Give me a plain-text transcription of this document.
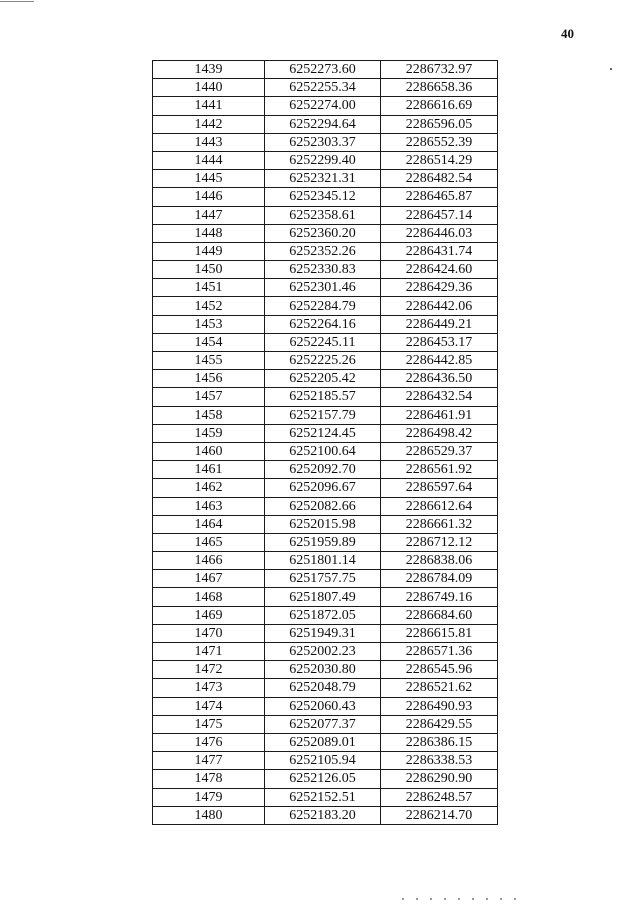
40
1439	6252273.60	2286732.97
1440	6252255.34	2286658.36
1441	6252274.00	2286616.69
1442	6252294.64	2286596.05
1443	6252303.37	2286552.39
1444	6252299.40	2286514.29
1445	6252321.31	2286482.54
1446	6252345.12	2286465.87
1447	6252358.61	2286457.14
1448	6252360.20	2286446.03
1449	6252352.26	2286431.74
1450	6252330.83	2286424.60
1451	6252301.46	2286429.36
1452	6252284.79	2286442.06
1453	6252264.16	2286449.21
1454	6252245.11	2286453.17
1455	6252225.26	2286442.85
1456	6252205.42	2286436.50
1457	6252185.57	2286432.54
1458	6252157.79	2286461.91
1459	6252124.45	2286498.42
1460	6252100.64	2286529.37
1461	6252092.70	2286561.92
1462	6252096.67	2286597.64
1463	6252082.66	2286612.64
1464	6252015.98	2286661.32
1465	6251959.89	2286712.12
1466	6251801.14	2286838.06
1467	6251757.75	2286784.09
1468	6251807.49	2286749.16
1469	6251872.05	2286684.60
1470	6251949.31	2286615.81
1471	6252002.23	2286571.36
1472	6252030.80	2286545.96
1473	6252048.79	2286521.62
1474	6252060.43	2286490.93
1475	6252077.37	2286429.55
1476	6252089.01	2286386.15
1477	6252105.94	2286338.53
1478	6252126.05	2286290.90
1479	6252152.51	2286248.57
1480	6252183.20	2286214.70
